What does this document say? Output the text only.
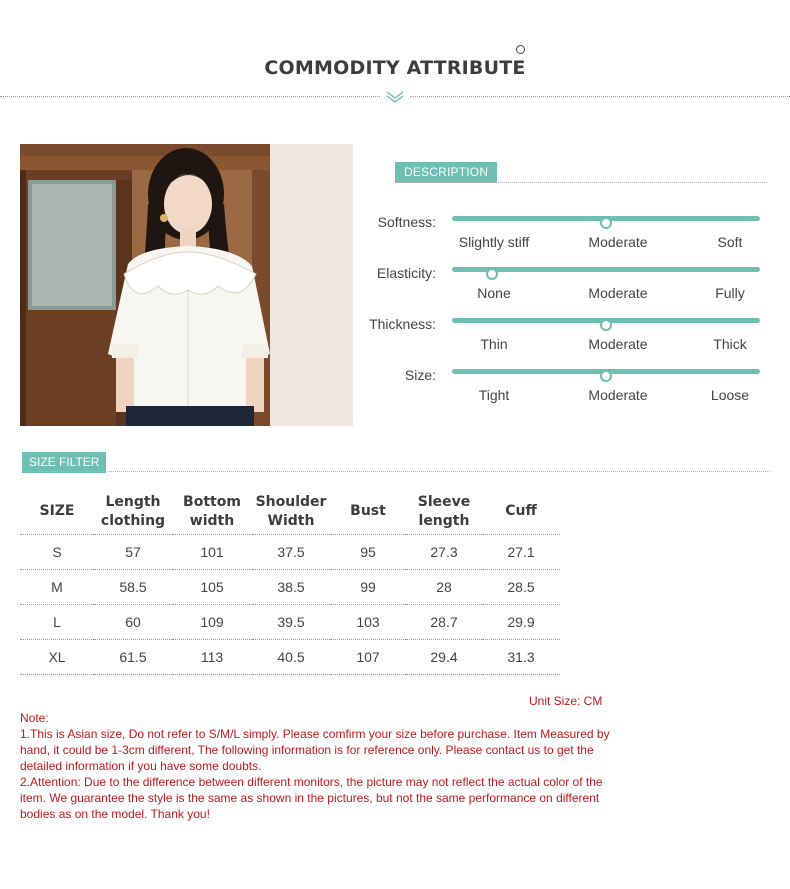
COMMODITY ATTRIBUTE
DESCRIPTION
Softness:
Slightly stiff	Moderate	Soft
Elasticity:
None	Moderate	Fully
Thickness:
Thin	Moderate	Thick
Size:
Tight	Moderate	Loose
SIZE FILTER
SIZE	Length clothing	Bottom width	Shoulder Width	Bust	Sleeve length	Cuff
S	57	101	37.5	95	27.3	27.1
M	58.5	105	38.5	99	28	28.5
L	60	109	39.5	103	28.7	29.9
XL	61.5	113	40.5	107	29.4	31.3
Unit Size: CM

Note:

1.This is Asian size, Do not refer to S/M/L simply. Please comfirm your size before purchase. Item Measured by hand, it could be 1-3cm different, The following information is for reference only. Please contact us to get the detailed information if you have some doubts.

2.Attention: Due to the difference between different monitors, the picture may not reflect the actual color of the item. We guarantee the style is the same as shown in the pictures, but not the same performance on different bodies as on the model. Thank you!
